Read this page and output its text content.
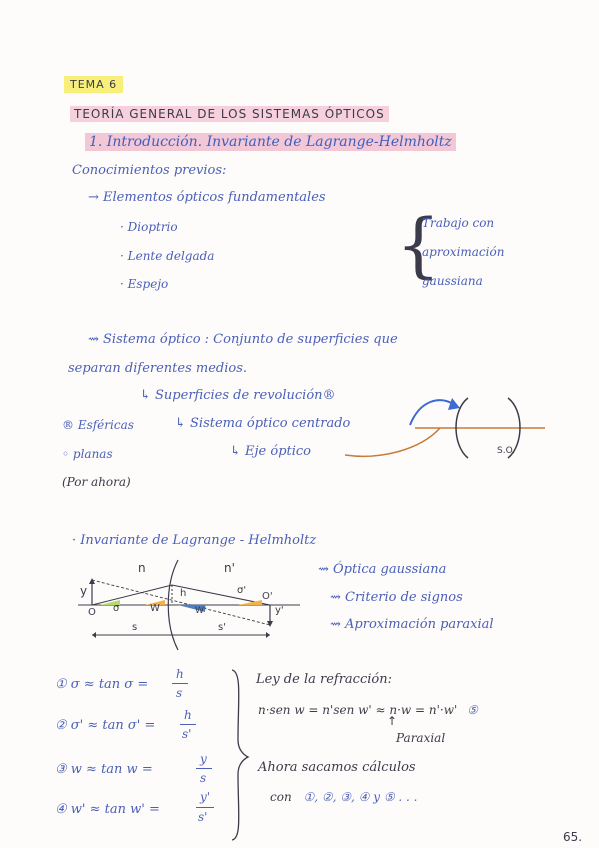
TEMA 6
TEORÍA GENERAL DE LOS SISTEMAS ÓPTICOS
1. Introducción. Invariante de Lagrange-Helmholtz
Conocimientos previos:
→ Elementos ópticos fundamentales
· Dioptrio
· Lente delgada
· Espejo	{
Trabajo con
aproximación
gaussiana
⇝ Sistema óptico : Conjunto de superficies que
separan diferentes medios.
↳ Superficies de revolución®
↳ Sistema óptico centrado
↳ Eje óptico
® Esféricas
◦ planas
(Por ahora)
S.O.
· Invariante de Lagrange - Helmholtz
n	n'
y
O σ	W
h
W'
σ'
O'
y'
s	s'
⇝ Óptica gaussiana
⇝ Criterio de signos
⇝ Aproximación paraxial
① σ ≈ tan σ =
h
s
② σ' ≈ tan σ' =
h
s'
③ w ≈ tan w =
y
s
④ w' ≈ tan w' =
y'
s'
Ley de la refracción:
n·sen w = n'sen w' ≈ n·w = n'·w' ⑤
↑
Paraxial
Ahora sacamos cálculos
con ①, ②, ③, ④ y ⑤ . . .
65.
